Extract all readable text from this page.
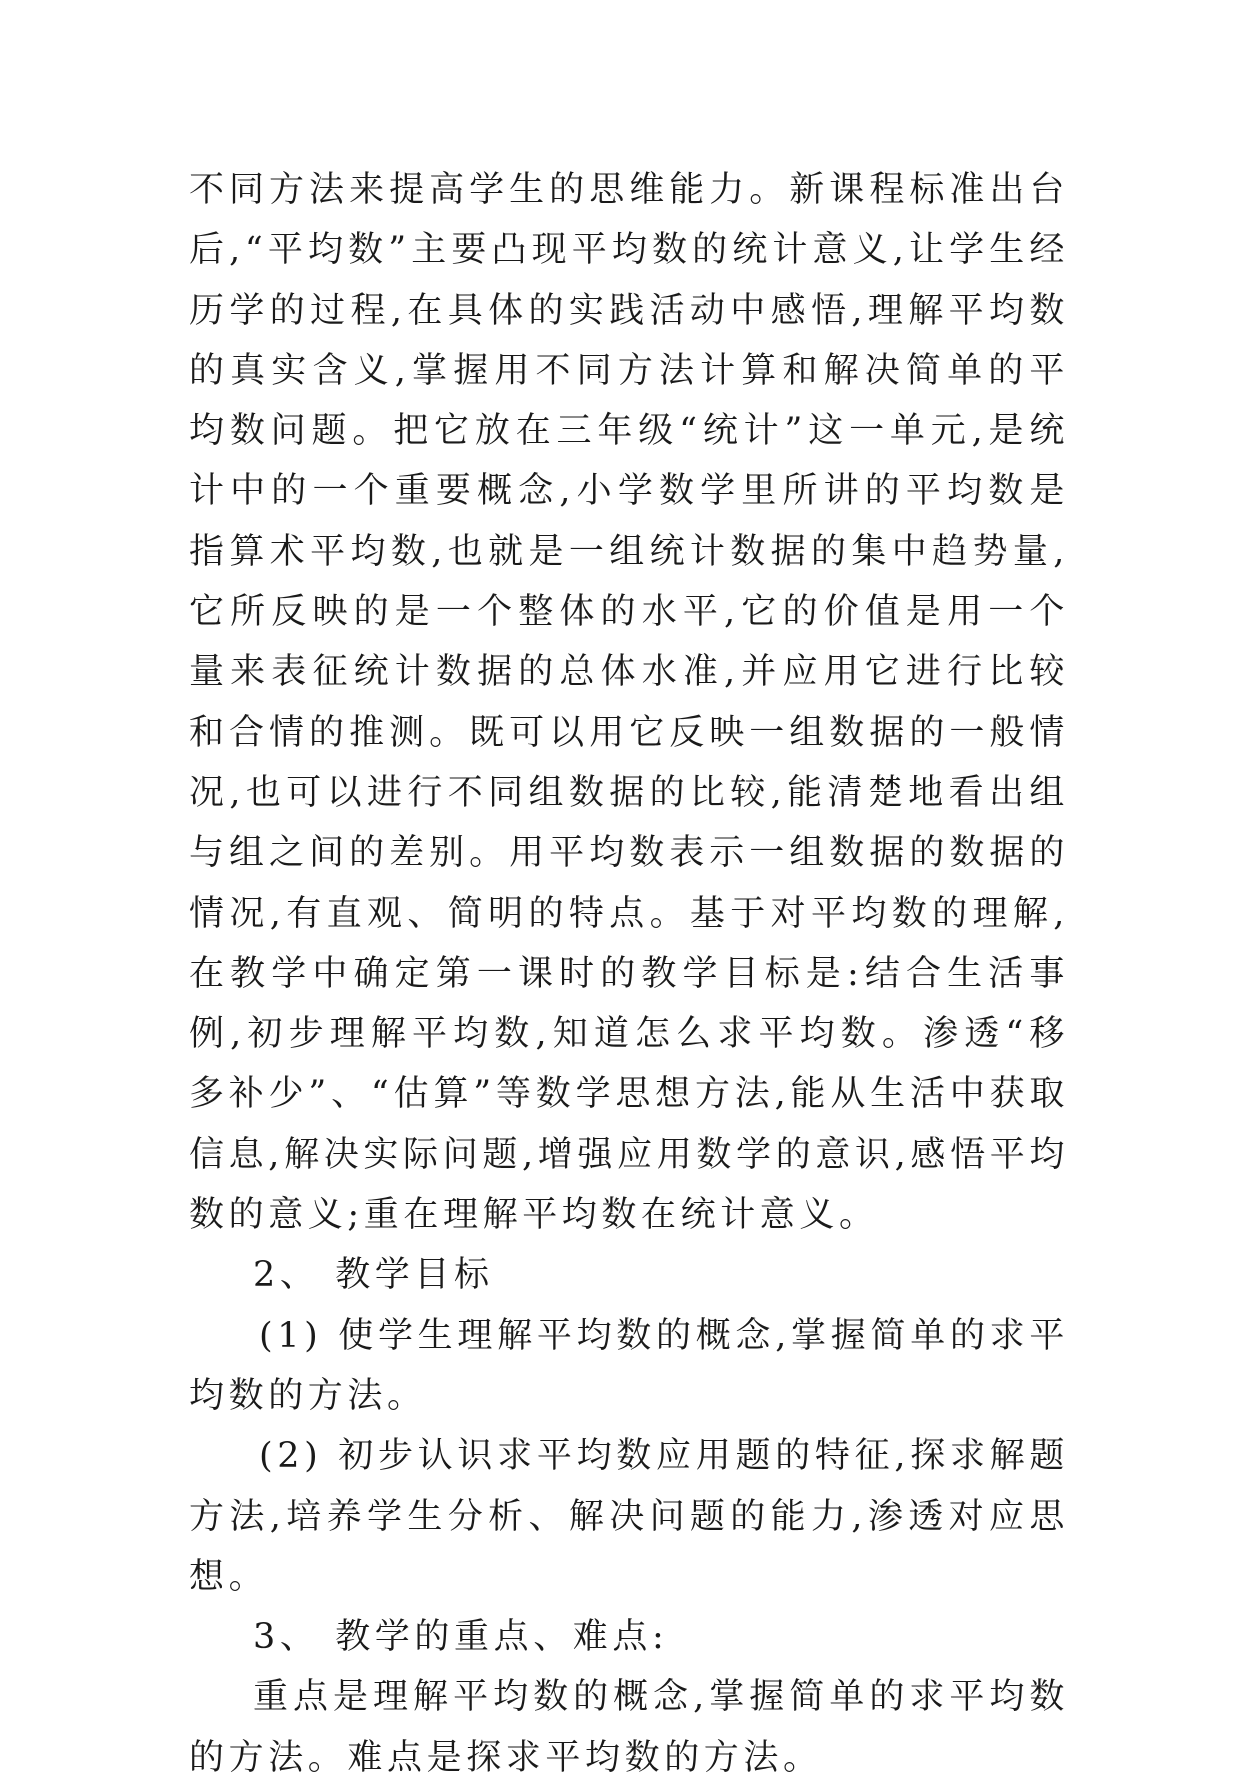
不同方法来提高学生的思维能力。新课程标准出台后,“平均数”主要凸现平均数的统计意义,让学生经历学的过程,在具体的实践活动中感悟,理解平均数的真实含义,掌握用不同方法计算和解决简单的平均数问题。把它放在三年级“统计”这一单元,是统计中的一个重要概念,小学数学里所讲的平均数是指算术平均数,也就是一组统计数据的集中趋势量,它所反映的是一个整体的水平,它的价值是用一个量来表征统计数据的总体水准,并应用它进行比较和合情的推测。既可以用它反映一组数据的一般情况,也可以进行不同组数据的比较,能清楚地看出组与组之间的差别。用平均数表示一组数据的数据的情况,有直观、简明的特点。基于对平均数的理解,在教学中确定第一课时的教学目标是:结合生活事例,初步理解平均数,知道怎么求平均数。渗透“移多补少”、“估算”等数学思想方法,能从生活中获取信息,解决实际问题,增强应用数学的意识,感悟平均数的意义;重在理解平均数在统计意义。

2、 教学目标

(1) 使学生理解平均数的概念,掌握简单的求平均数的方法。

(2) 初步认识求平均数应用题的特征,探求解题方法,培养学生分析、解决问题的能力,渗透对应思想。

3、 教学的重点、难点:

重点是理解平均数的概念,掌握简单的求平均数的方法。难点是探求平均数的方法。
